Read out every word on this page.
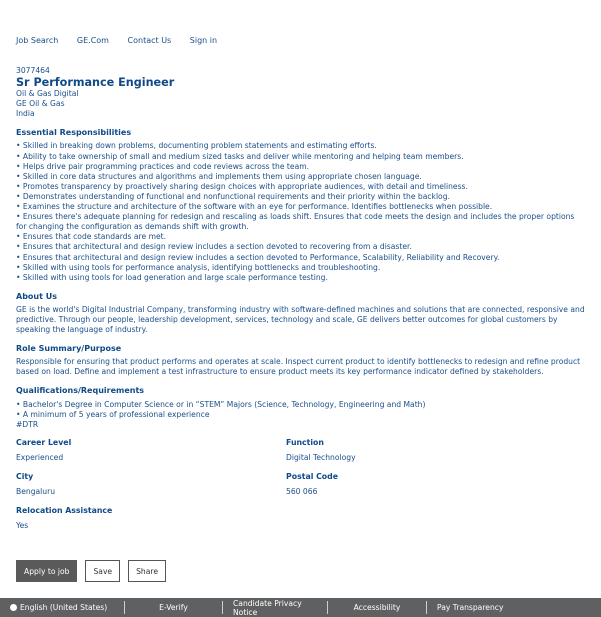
Job Search GE.Com Contact Us Sign in
3077464
Sr Performance Engineer
Oil & Gas Digital
GE Oil & Gas
India
Essential Responsibilities
• Skilled in breaking down problems, documenting problem statements and estimating efforts.
• Ability to take ownership of small and medium sized tasks and deliver while mentoring and helping team members.
• Helps drive pair programming practices and code reviews across the team.
• Skilled in core data structures and algorithms and implements them using appropriate chosen language.
• Promotes transparency by proactively sharing design choices with appropriate audiences, with detail and timeliness.
• Demonstrates understanding of functional and nonfunctional requirements and their priority within the backlog.
• Examines the structure and architecture of the software with an eye for performance. Identifies bottlenecks when possible.
• Ensures there's adequate planning for redesign and rescaling as loads shift. Ensures that code meets the design and includes the proper options for changing the configuration as demands shift with growth.
• Ensures that code standards are met.
• Ensures that architectural and design review includes a section devoted to recovering from a disaster.
• Ensures that architectural and design review includes a section devoted to Performance, Scalability, Reliability and Recovery.
• Skilled with using tools for performance analysis, identifying bottlenecks and troubleshooting.
• Skilled with using tools for load generation and large scale performance testing.
About Us
GE is the world's Digital Industrial Company, transforming industry with software-defined machines and solutions that are connected, responsive and predictive. Through our people, leadership development, services, technology and scale, GE delivers better outcomes for global customers by speaking the language of industry.
Role Summary/Purpose
Responsible for ensuring that product performs and operates at scale. Inspect current product to identify bottlenecks to redesign and refine product based on load. Define and implement a test infrastructure to ensure product meets its key performance indicator defined by stakeholders.
Qualifications/Requirements
• Bachelor's Degree in Computer Science or in “STEM” Majors (Science, Technology, Engineering and Math)
• A minimum of 5 years of professional experience
#DTR
Career Level
Experienced
Function
Digital Technology
City
Bengaluru
Postal Code
560 066
Relocation Assistance
Yes
Apply to job	Save	Share
English (United States)	E-Verify	Candidate Privacy Notice	Accessibility	Pay Transparency
